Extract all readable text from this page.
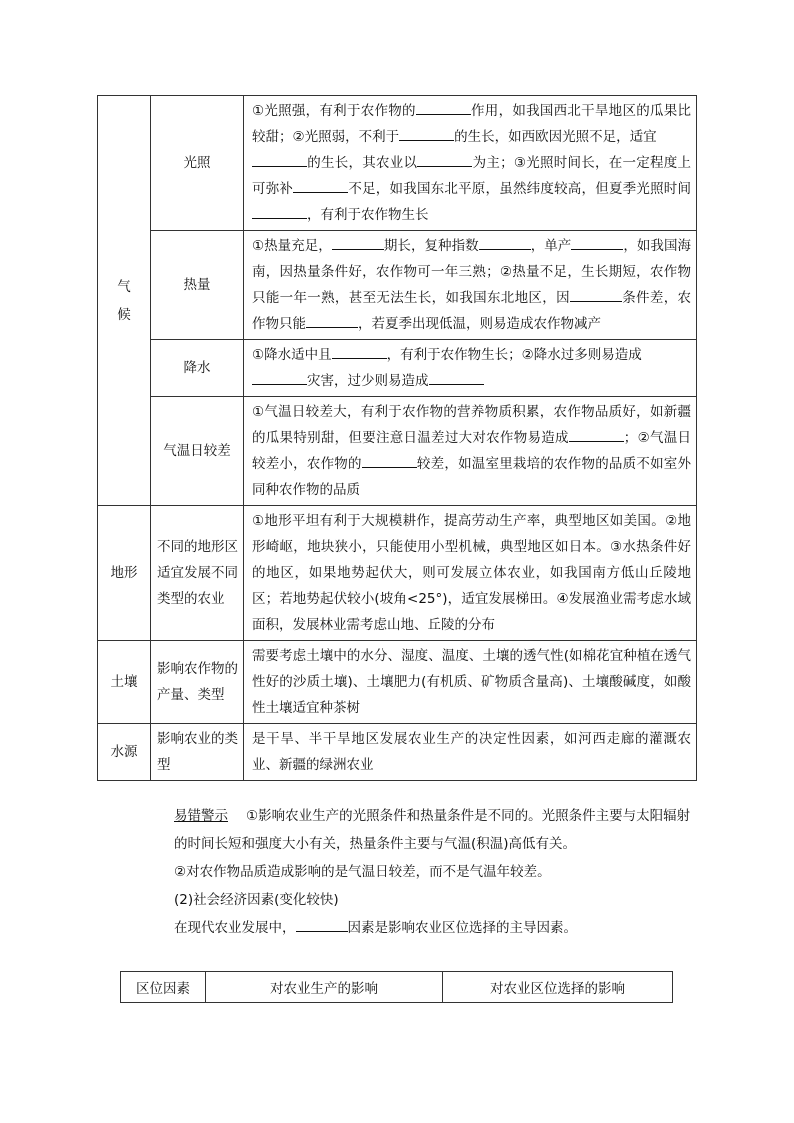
气
候	光照	①光照强，有利于农作物的 作用，如我国西北干旱地区的瓜果比较甜；②光照弱，不利于 的生长，如西欧因光照不足，适宜
的生长，其农业以 为主；③光照时间长，在一定程度上可弥补 不足，如我国东北平原，虽然纬度较高，但夏季光照时间，有利于农作物生长
	热量	①热量充足， 期长，复种指数 ，单产 ，如我国海南，因热量条件好，农作物可一年三熟；②热量不足，生长期短，农作物只能一年一熟，甚至无法生长，如我国东北地区，因 条件差，农作物只能 ，若夏季出现低温，则易造成农作物减产
	降水	①降水适中且 ，有利于农作物生长；②降水过多则易造成
灾害，过少则易造成
	气温日较差	①气温日较差大，有利于农作物的营养物质积累，农作物品质好，如新疆的瓜果特别甜，但要注意日温差过大对农作物易造成 ；②气温日较差小，农作物的 较差，如温室里栽培的农作物的品质不如室外同种农作物的品质
地形	不同的地形区适宜发展不同类型的农业	①地形平坦有利于大规模耕作，提高劳动生产率，典型地区如美国。②地形崎岖，地块狭小，只能使用小型机械，典型地区如日本。③水热条件好的地区，如果地势起伏大，则可发展立体农业，如我国南方低山丘陵地区；若地势起伏较小(坡角<25°)，适宜发展梯田。④发展渔业需考虑水域面积，发展林业需考虑山地、丘陵的分布
土壤	影响农作物的产量、类型	需要考虑土壤中的水分、湿度、温度、土壤的透气性(如棉花宜种植在透气性好的沙质土壤)、土壤肥力(有机质、矿物质含量高)、土壤酸碱度，如酸性土壤适宜种茶树
水源	影响农业的类型	是干旱、半干旱地区发展农业生产的决定性因素，如河西走廊的灌溉农业、新疆的绿洲农业

易错警示 ①影响农业生产的光照条件和热量条件是不同的。光照条件主要与太阳辐射的时间长短和强度大小有关，热量条件主要与气温(积温)高低有关。

②对农作物品质造成影响的是气温日较差，而不是气温年较差。

(2)社会经济因素(变化较快)

在现代农业发展中，	因素是影响农业区位选择的主导因素。

区位因素	对农业生产的影响	对农业区位选择的影响
